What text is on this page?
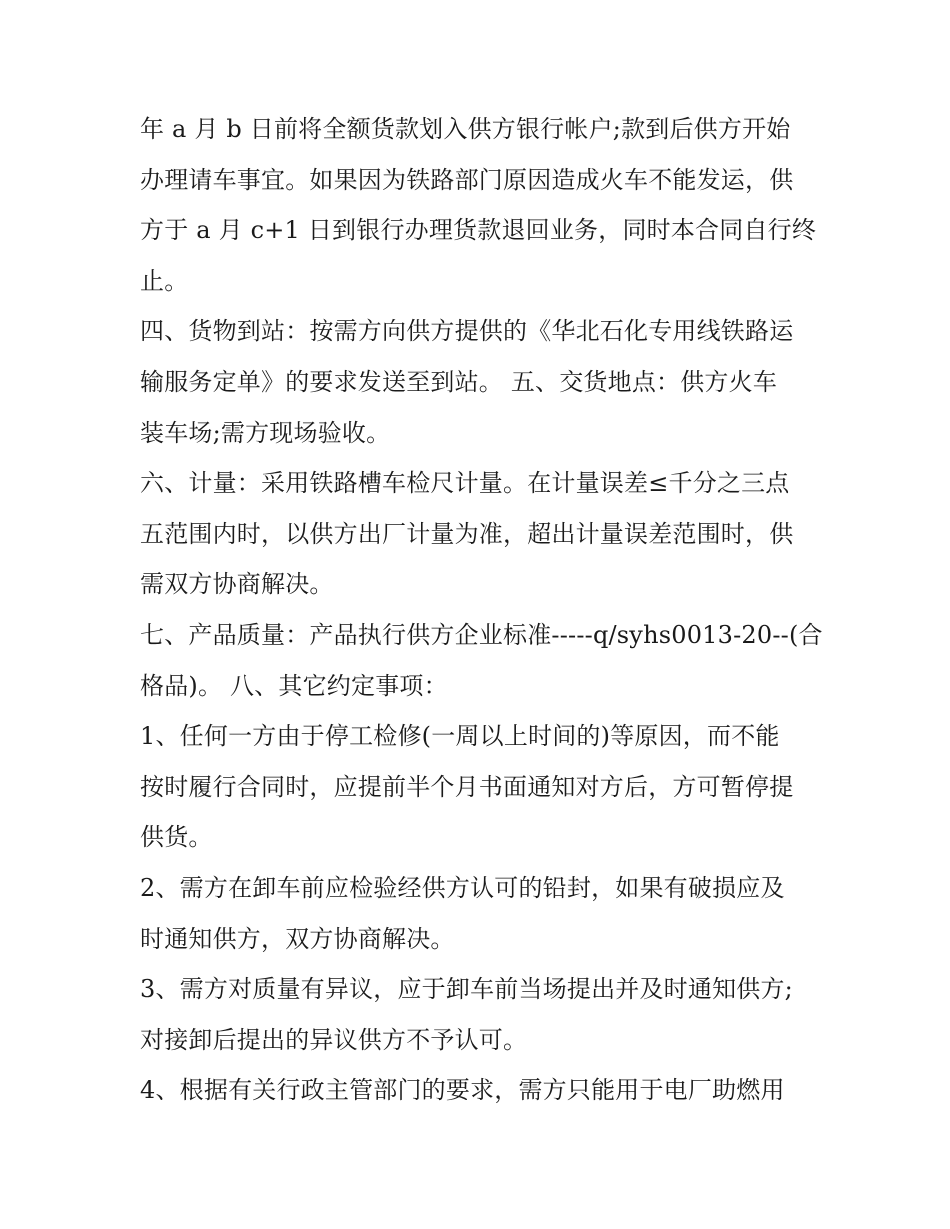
年 a 月 b 日前将全额货款划入供方银行帐户;款到后供方开始
办理请车事宜。如果因为铁路部门原因造成火车不能发运，供
方于 a 月 c+1 日到银行办理货款退回业务，同时本合同自行终
止。
四、货物到站：按需方向供方提供的《华北石化专用线铁路运
输服务定单》的要求发送至到站。 五、交货地点：供方火车
装车场;需方现场验收。
六、计量：采用铁路槽车检尺计量。在计量误差≤千分之三点
五范围内时，以供方出厂计量为准，超出计量误差范围时，供
需双方协商解决。
七、产品质量：产品执行供方企业标准-----q/syhs0013-20--(合
格品)。 八、其它约定事项：
1、任何一方由于停工检修(一周以上时间的)等原因，而不能
按时履行合同时，应提前半个月书面通知对方后，方可暂停提
供货。
2、需方在卸车前应检验经供方认可的铅封，如果有破损应及
时通知供方，双方协商解决。
3、需方对质量有异议，应于卸车前当场提出并及时通知供方;
对接卸后提出的异议供方不予认可。
4、根据有关行政主管部门的要求，需方只能用于电厂助燃用
